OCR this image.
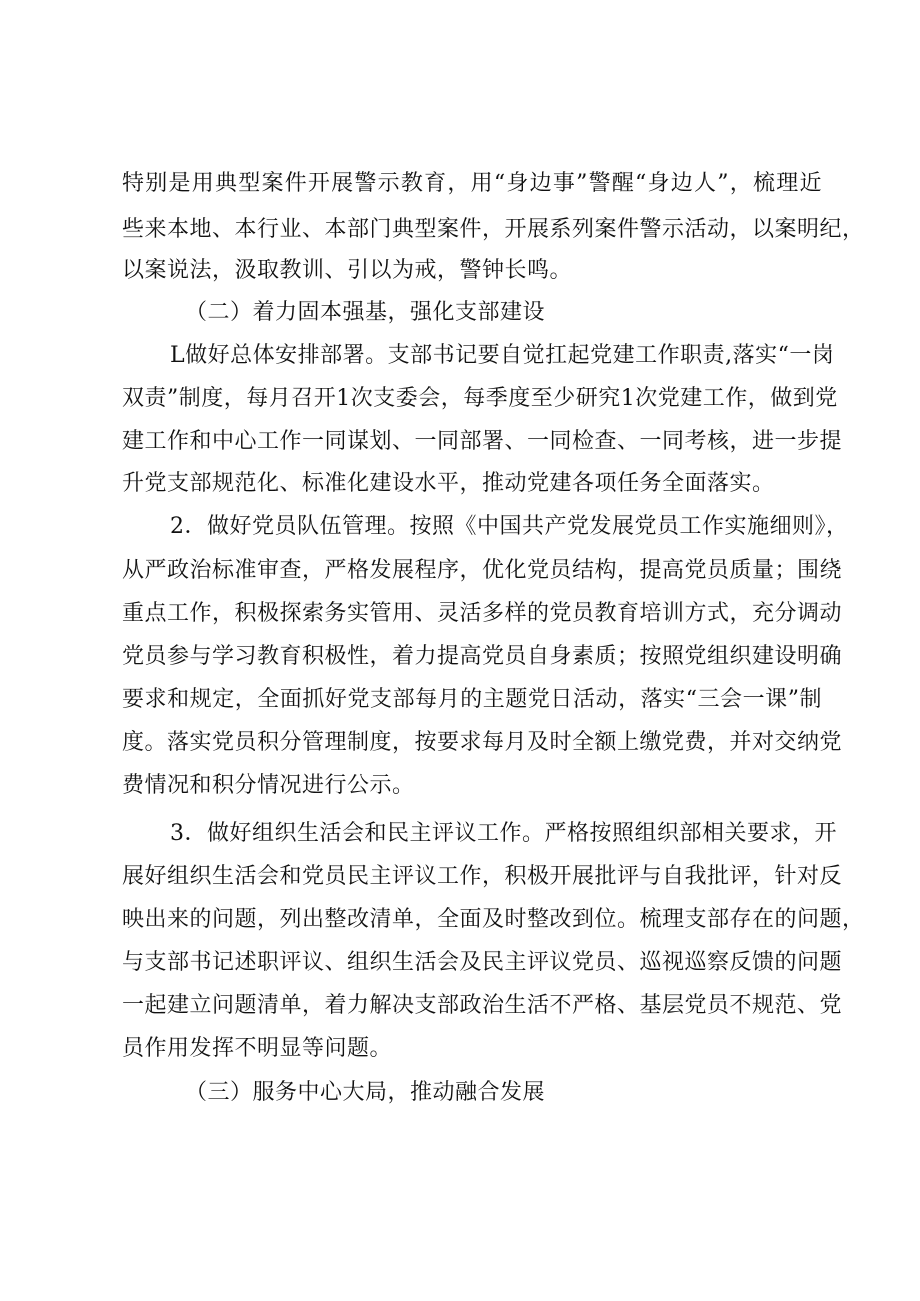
特别是用典型案件开展警示教育，用“身边事”警醒“身边人”，梳理近
些来本地、本行业、本部门典型案件，开展系列案件警示活动，以案明纪，
以案说法，汲取教训、引以为戒，警钟长鸣。
（二）着力固本强基，强化支部建设
L做好总体安排部署。支部书记要自觉扛起党建工作职责,落实“一岗
双责”制度，每月召开1次支委会，每季度至少研究1次党建工作，做到党
建工作和中心工作一同谋划、一同部署、一同检查、一同考核，进一步提
升党支部规范化、标准化建设水平，推动党建各项任务全面落实。
2．做好党员队伍管理。按照《中国共产党发展党员工作实施细则》，
从严政治标准审查，严格发展程序，优化党员结构，提高党员质量；围绕
重点工作，积极探索务实管用、灵活多样的党员教育培训方式，充分调动
党员参与学习教育积极性，着力提高党员自身素质；按照党组织建设明确
要求和规定，全面抓好党支部每月的主题党日活动，落实“三会一课”制
度。落实党员积分管理制度，按要求每月及时全额上缴党费，并对交纳党
费情况和积分情况进行公示。
3．做好组织生活会和民主评议工作。严格按照组织部相关要求，开
展好组织生活会和党员民主评议工作，积极开展批评与自我批评，针对反
映出来的问题，列出整改清单，全面及时整改到位。梳理支部存在的问题，
与支部书记述职评议、组织生活会及民主评议党员、巡视巡察反馈的问题
一起建立问题清单，着力解决支部政治生活不严格、基层党员不规范、党
员作用发挥不明显等问题。
（三）服务中心大局，推动融合发展
